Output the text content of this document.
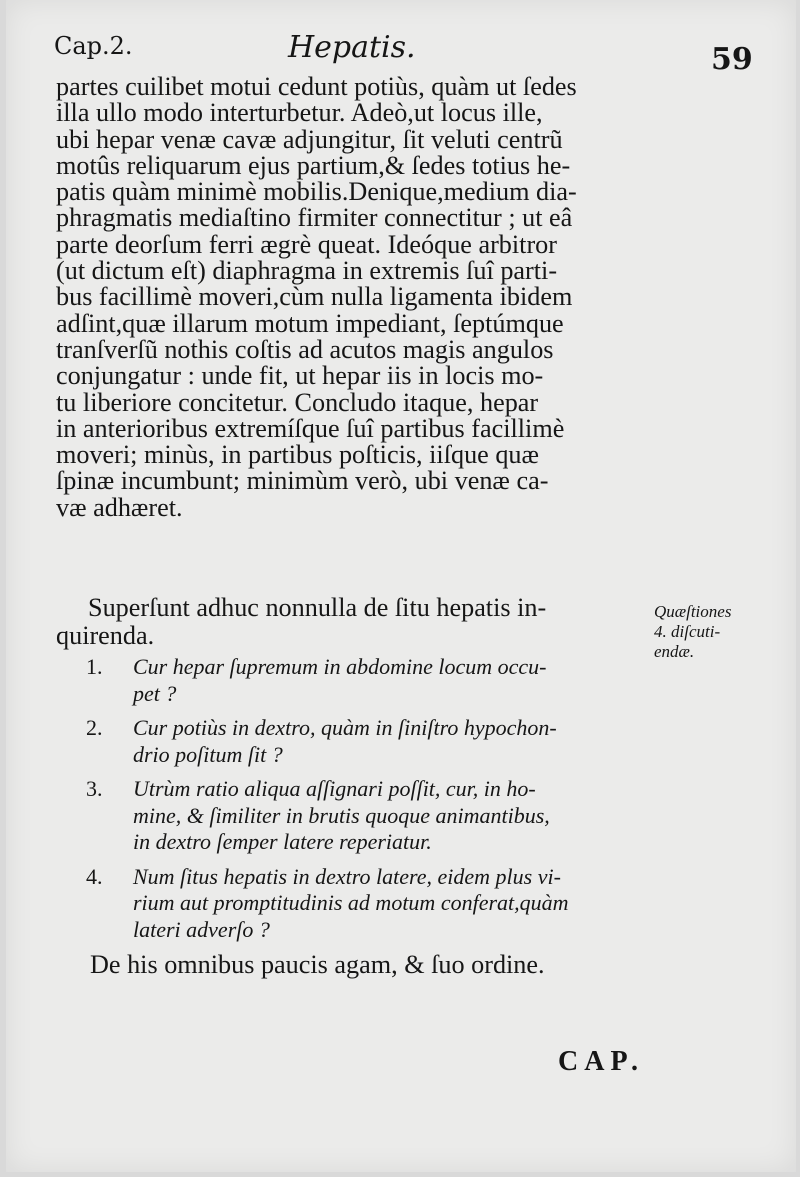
Cap.2.	Hepatis.	59
partes cuilibet motui cedunt potiùs, quàm ut ſedes
illa ullo modo interturbetur. Adeò,ut locus ille,
ubi hepar venæ cavæ adjungitur, ſit veluti centrũ
motûs reliquarum ejus partium,& ſedes totius he-
patis quàm minimè mobilis.Denique,medium dia-
phragmatis mediaſtino firmiter connectitur ; ut eâ
parte deorſum ferri ægrè queat. Ideóque arbitror
(ut dictum eſt) diaphragma in extremis ſuî parti-
bus facillimè moveri,cùm nulla ligamenta ibidem
adſint,quæ illarum motum impediant, ſeptúmque
tranſverſũ nothis coſtis ad acutos magis angulos
conjungatur : unde fit, ut hepar iis in locis mo-
tu liberiore concitetur. Concludo itaque, hepar
in anterioribus extremíſque ſuî partibus facillimè
moveri; minùs, in partibus poſticis, iiſque quæ
ſpinæ incumbunt; minimùm verò, ubi venæ ca-
væ adhæret.
Superſunt adhuc nonnulla de ſitu hepatis in-
quirenda.
Quæſtiones
4. diſcuti-
endæ.
1.	Cur hepar ſupremum in abdomine locum occu-
pet ?
2.	Cur potiùs in dextro, quàm in ſiniſtro hypochon-
drio poſitum ſit ?
3.	Utrùm ratio aliqua aſſignari poſſit, cur, in ho-
mine, & ſimiliter in brutis quoque animantibus,
in dextro ſemper latere reperiatur.
4.	Num ſitus hepatis in dextro latere, eidem plus vi-
rium aut promptitudinis ad motum conferat,quàm
lateri adverſo ?
De his omnibus paucis agam, & ſuo ordine.
CAP.
